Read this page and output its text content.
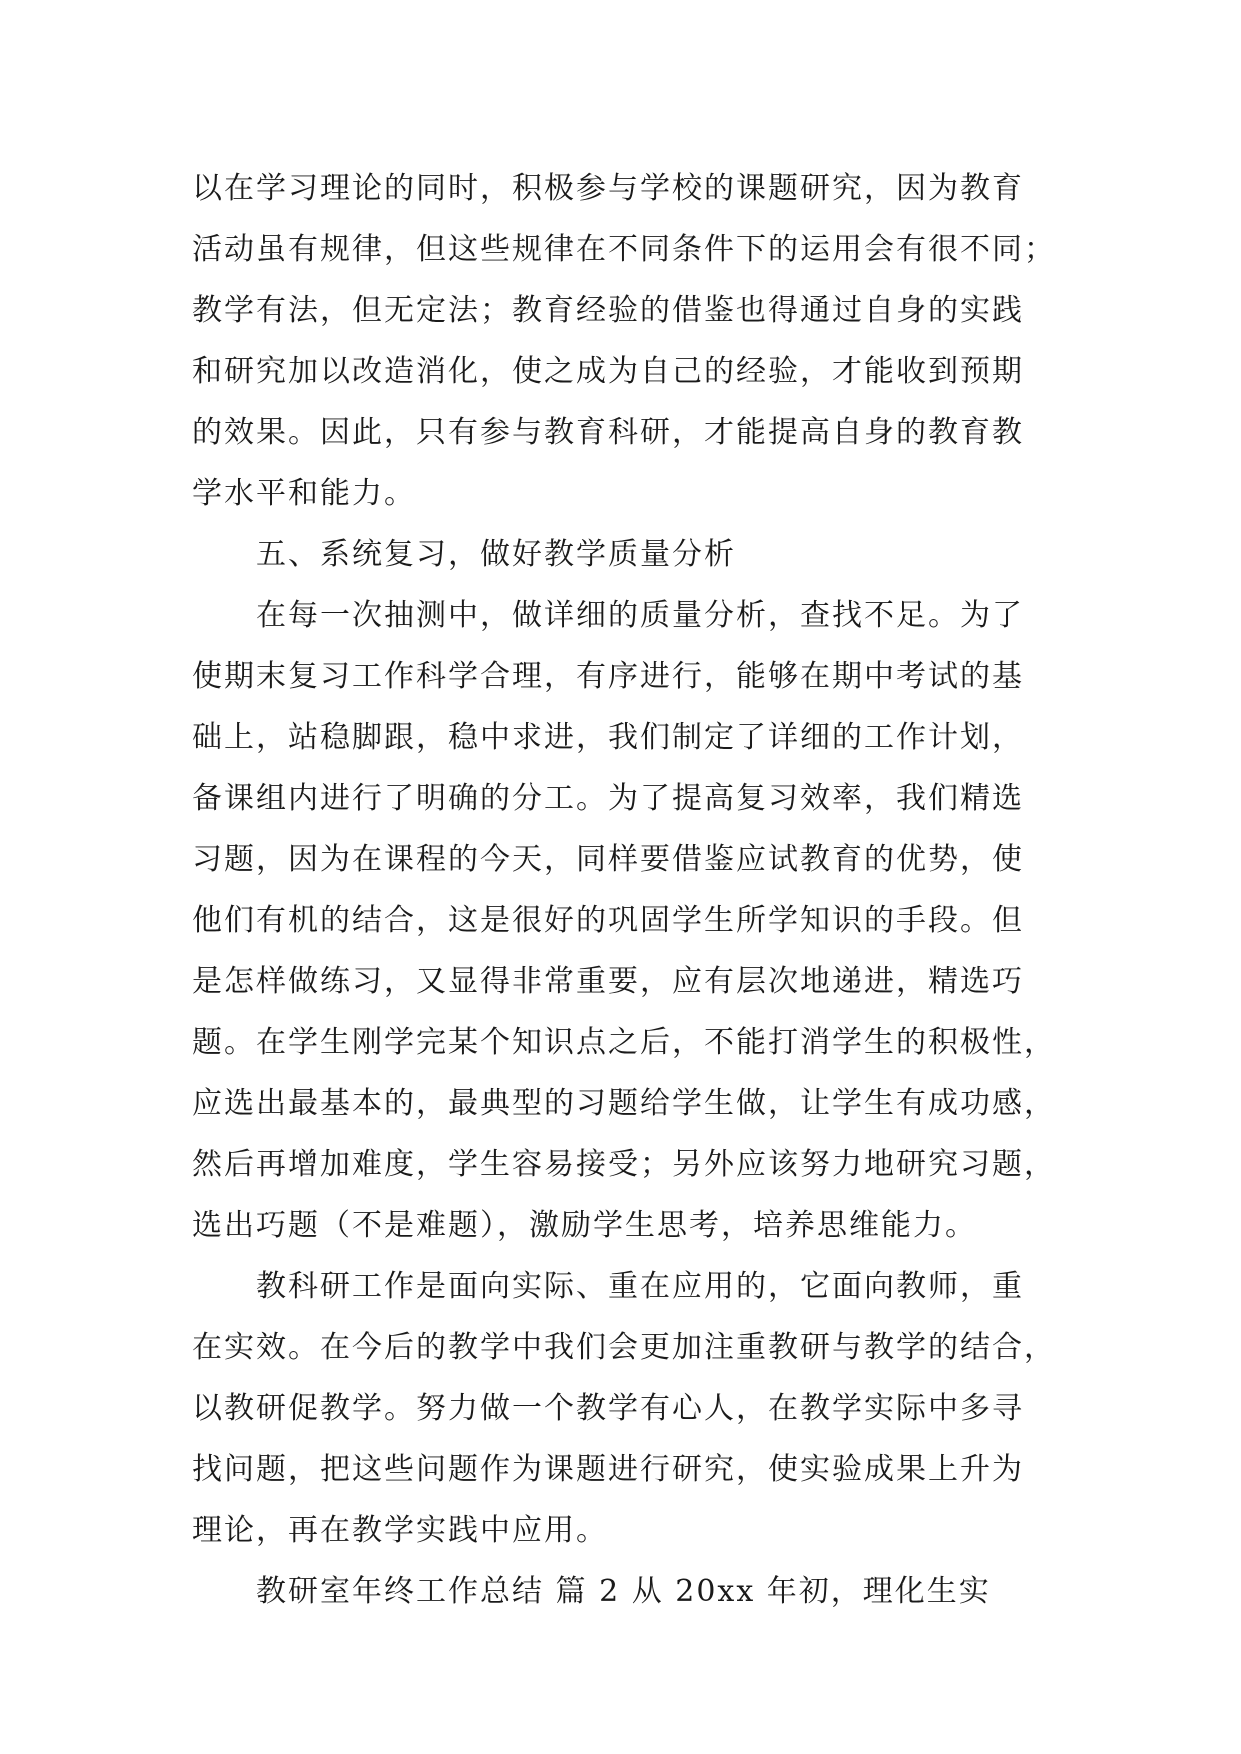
以在学习理论的同时，积极参与学校的课题研究，因为教育
活动虽有规律，但这些规律在不同条件下的运用会有很不同；
教学有法，但无定法；教育经验的借鉴也得通过自身的实践
和研究加以改造消化，使之成为自己的经验，才能收到预期
的效果。因此，只有参与教育科研，才能提高自身的教育教
学水平和能力。
五、系统复习，做好教学质量分析
在每一次抽测中，做详细的质量分析，查找不足。为了
使期末复习工作科学合理，有序进行，能够在期中考试的基
础上，站稳脚跟，稳中求进，我们制定了详细的工作计划，
备课组内进行了明确的分工。为了提高复习效率，我们精选
习题，因为在课程的今天，同样要借鉴应试教育的优势，使
他们有机的结合，这是很好的巩固学生所学知识的手段。但
是怎样做练习，又显得非常重要，应有层次地递进，精选巧
题。在学生刚学完某个知识点之后，不能打消学生的积极性，
应选出最基本的，最典型的习题给学生做，让学生有成功感，
然后再增加难度，学生容易接受；另外应该努力地研究习题，
选出巧题（不是难题），激励学生思考，培养思维能力。
教科研工作是面向实际、重在应用的，它面向教师，重
在实效。在今后的教学中我们会更加注重教研与教学的结合，
以教研促教学。努力做一个教学有心人，在教学实际中多寻
找问题，把这些问题作为课题进行研究，使实验成果上升为
理论，再在教学实践中应用。
教研室年终工作总结 篇 2 从 20xx 年初，理化生实
